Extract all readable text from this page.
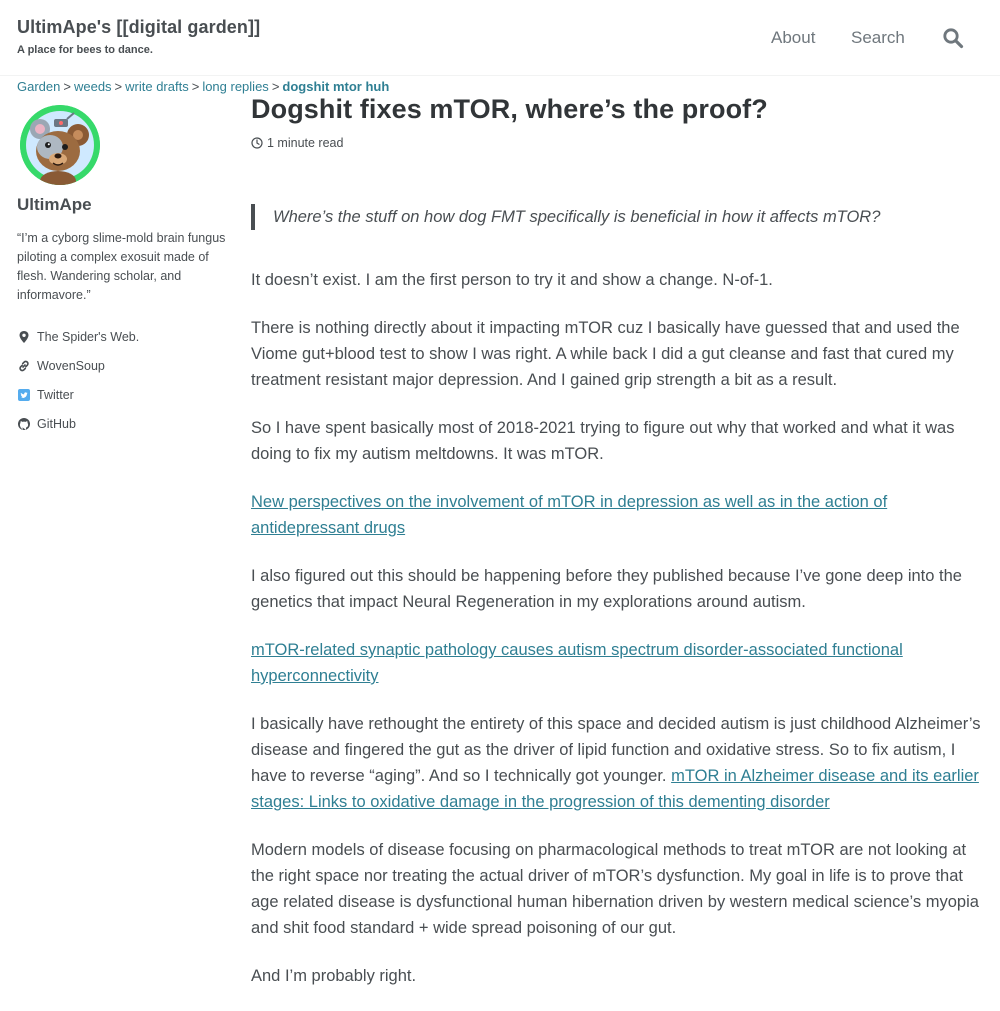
UltimApe's [[digital garden]]
A place for bees to dance.
About Search
Garden > weeds > write drafts > long replies > dogshit mtor huh
UltimApe
“I’m a cyborg slime-mold brain fungus piloting a complex exosuit made of flesh. Wandering scholar, and informavore.”
The Spider's Web.
WovenSoup
Twitter
GitHub
Dogshit fixes mTOR, where’s the proof?
1 minute read
Where’s the stuff on how dog FMT specifically is beneficial in how it affects mTOR?

It doesn’t exist. I am the first person to try it and show a change. N-of-1.

There is nothing directly about it impacting mTOR cuz I basically have guessed that and used the Viome gut+blood test to show I was right. A while back I did a gut cleanse and fast that cured my treatment resistant major depression. And I gained grip strength a bit as a result.

So I have spent basically most of 2018-2021 trying to figure out why that worked and what it was doing to fix my autism meltdowns. It was mTOR.

New perspectives on the involvement of mTOR in depression as well as in the action of antidepressant drugs

I also figured out this should be happening before they published because I’ve gone deep into the genetics that impact Neural Regeneration in my explorations around autism.

mTOR-related synaptic pathology causes autism spectrum disorder-associated functional hyperconnectivity

I basically have rethought the entirety of this space and decided autism is just childhood Alzheimer’s disease and fingered the gut as the driver of lipid function and oxidative stress. So to fix autism, I have to reverse “aging”. And so I technically got younger. mTOR in Alzheimer disease and its earlier stages: Links to oxidative damage in the progression of this dementing disorder

Modern models of disease focusing on pharmacological methods to treat mTOR are not looking at the right space nor treating the actual driver of mTOR’s dysfunction. My goal in life is to prove that age related disease is dysfunctional human hibernation driven by western medical science’s myopia and shit food standard + wide spread poisoning of our gut.

And I’m probably right.
